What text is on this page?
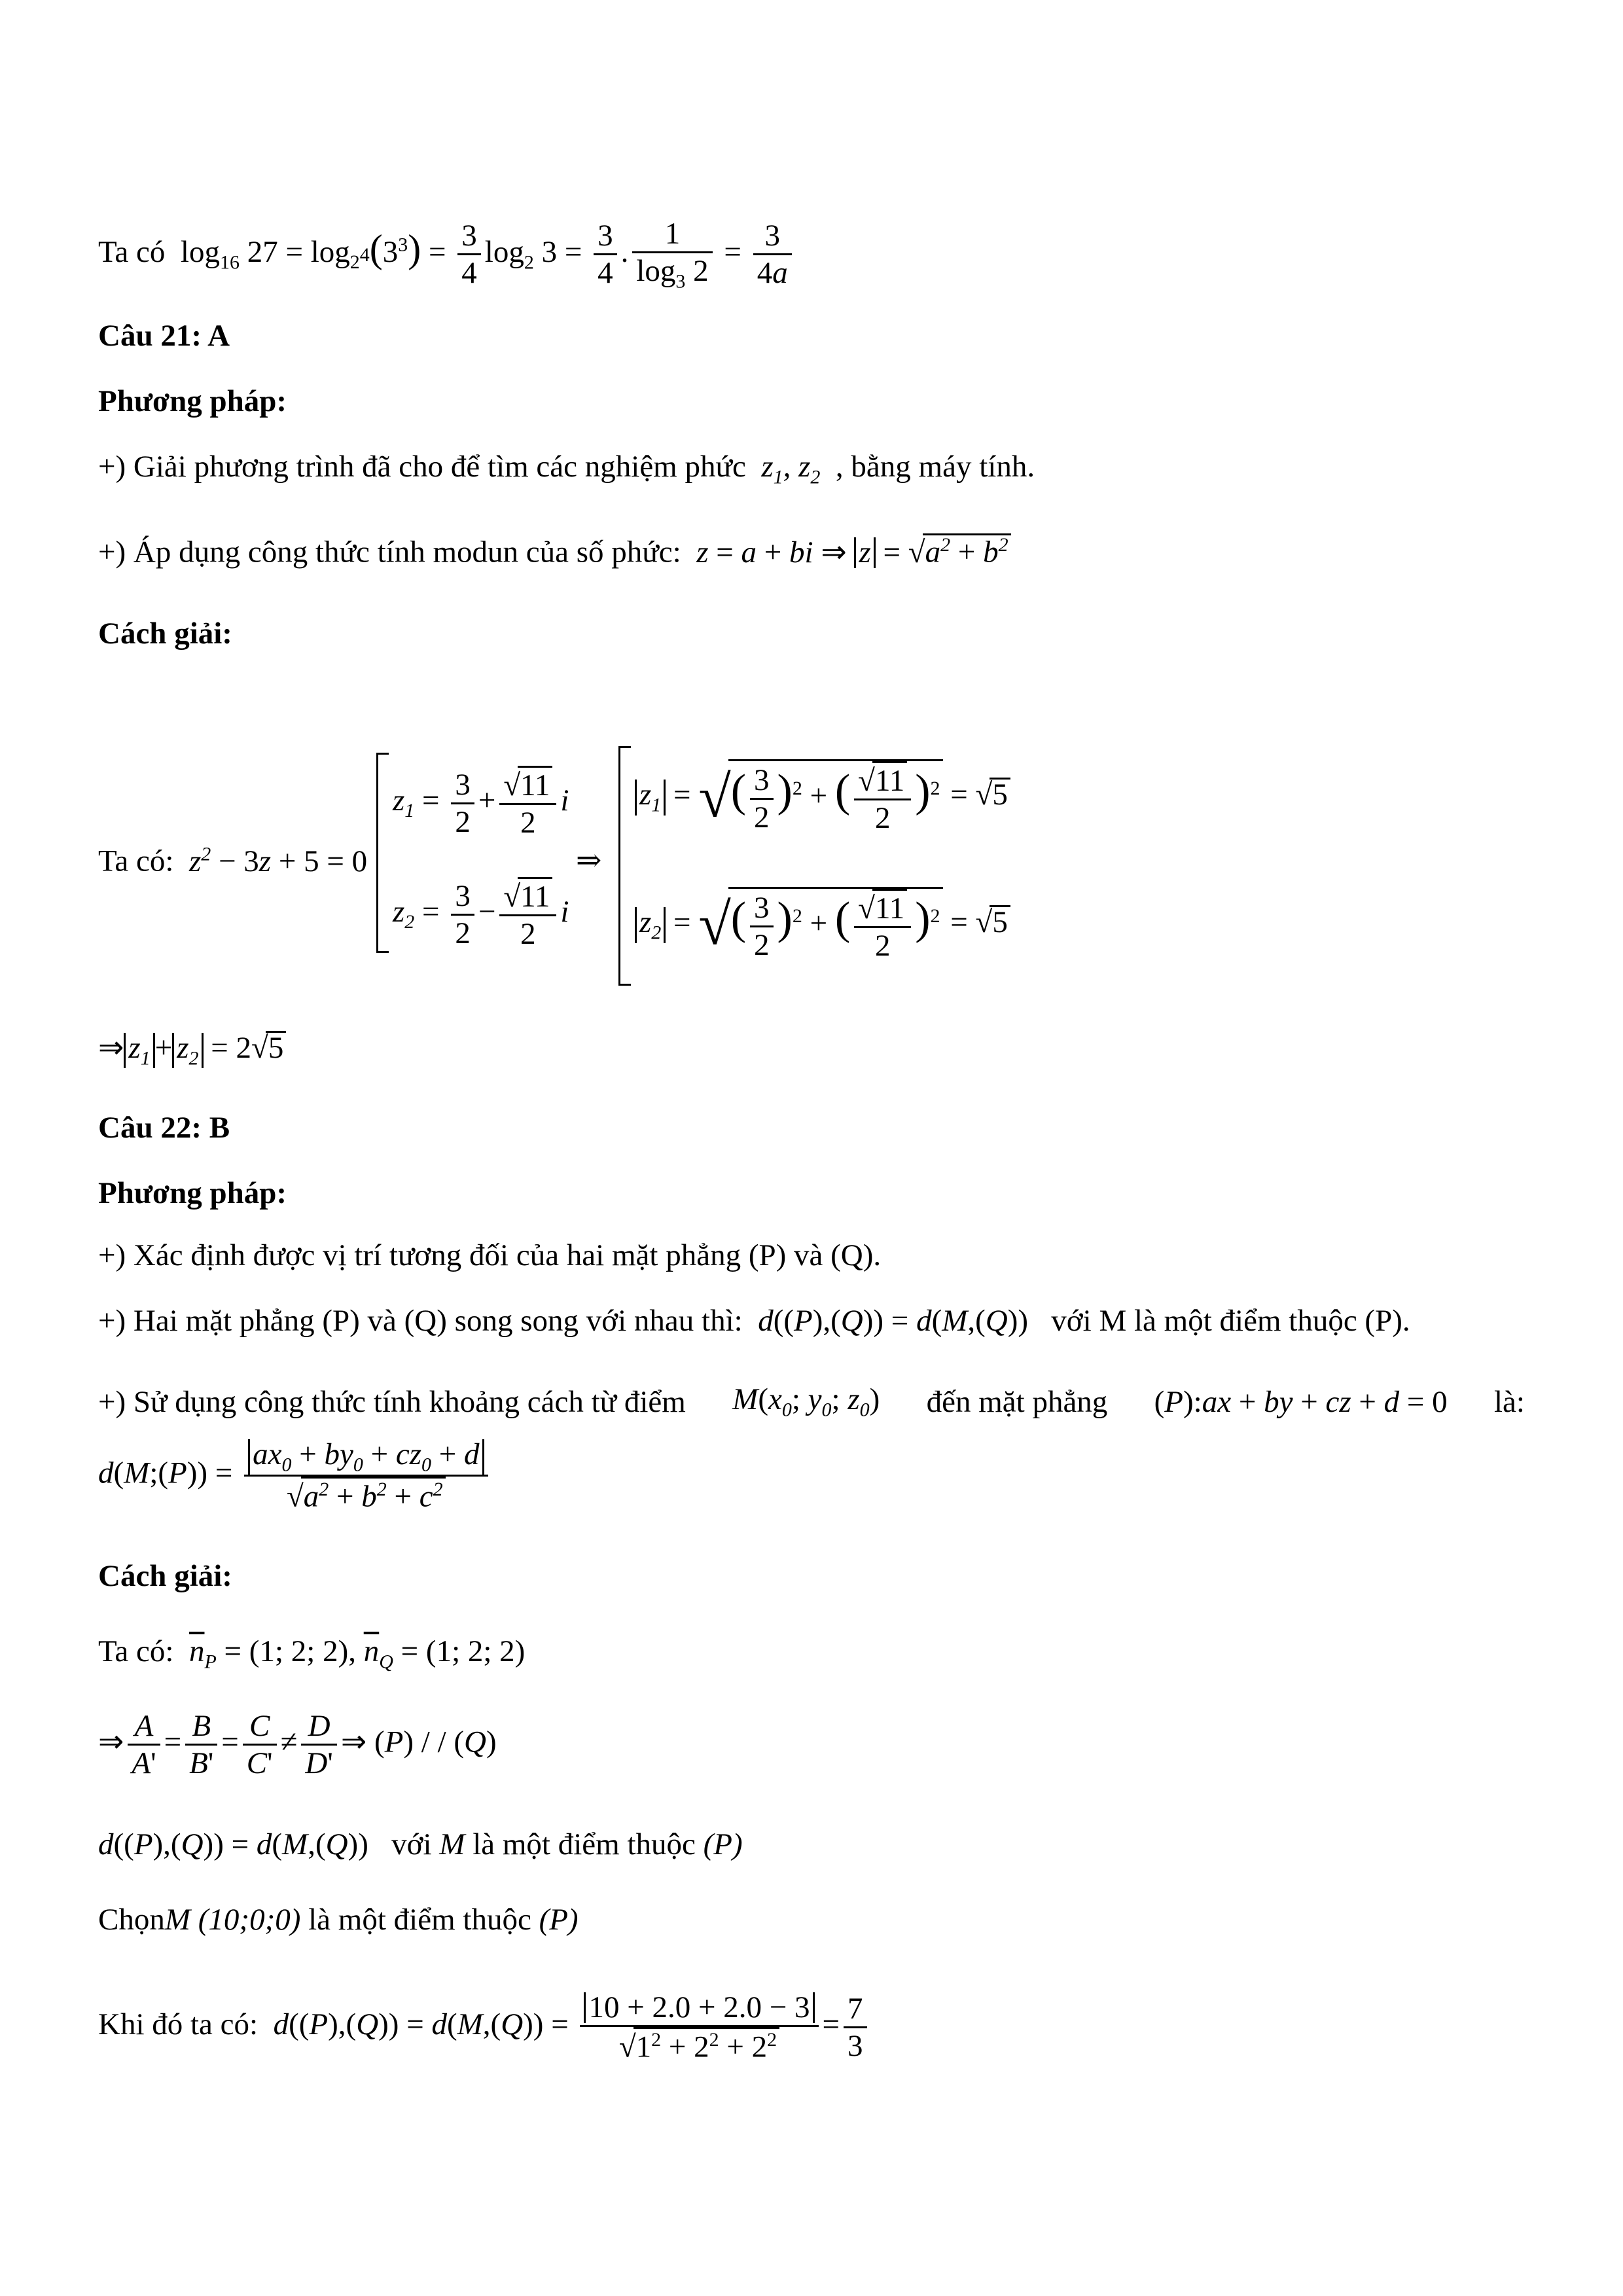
Ta có  $\log_{16} 27 = \log_{2^4}(3^3) = \frac{3}{4} \log_2 3 = \frac{3}{4}$ . $\frac{1}{\log_3 2} = \frac{3}{4a}$
Câu 21: A
Phương pháp:
+) Giải phương trình đã cho để tìm các nghiệm phức  $z_1$, $z_2$ , bằng máy tính.
+) Áp dụng công thức tính modun của số phức:  z = a + bi ⇒ $z = √a^2 + b^2$
Cách giải:
Ta có:  $z^2 - 3z + 5 = 0$
$z_1 = \frac{3}{2} + \frac{√11}{2}$ i
$z_2 = \frac{3}{2} - \frac{√11}{2}$ i
⇒
$z_1$ = √( $\frac{3}{2} )^2$ + ( $\frac{√11}{2} )^2 = √5$
$z_2$ = √( $\frac{3}{2} )^2$ + ( $\frac{√11}{2} )^2 = √5$
⇒ $z_1 + z_2 = 2√5$
Câu 22: B
Phương pháp:
+) Xác định được vị trí tương đối của hai mặt phẳng (P) và (Q).
+) Hai mặt phẳng (P) và (Q) song song với nhau thì:  d((P),(Q)) = d(M,(Q)) với M là một điểm thuộc (P).
+) Sử dụng công thức tính khoảng cách từ điểm $M(x_0$; $y_0$; $z_0$) đến mặt phẳng (P):ax + by + cz + d = 0 là:
d(M;(P)) = $\frac{ax_0 + by_0 + cz_0 + d}{√a^2 + b^2 + c^2}$
Cách giải:
Ta có: $\overline{n}_P = (1$; 2; 2), $\overline{n}_Q = (1$; 2; 2)
⇒ $\frac{A}{A'} = \frac{B}{B'} = \frac{C}{C'} \ne \frac{D}{D'}$ ⇒ (P) / / (Q)
d((P),(Q)) = d(M,(Q)) với M là một điểm thuộc (P)
ChọnM (10;0;0) là một điểm thuộc (P)
Khi đó ta có:  $d((P),(Q)) = d(M,(Q)) = \frac{10 + 2.0 + 2.0 - 3}{√1^2 + 2^2 + 2^2} = \frac{7}{3}$
